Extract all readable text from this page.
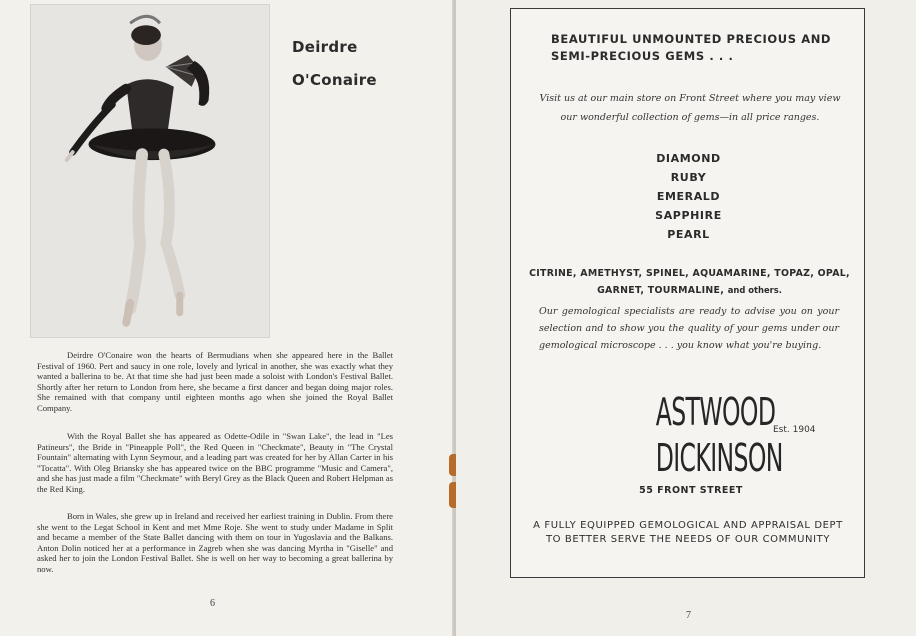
Deirdre
O'Conaire

Deirdre O'Conaire won the hearts of Bermudians when she appeared here in the Ballet Festival of 1960. Pert and saucy in one role, lovely and lyrical in another, she was exactly what they wanted a ballerina to be. At that time she had just been made a soloist with London's Festival Ballet. Shortly after her return to London from here, she became a first dancer and began doing major roles. She remained with that company until eighteen months ago when she joined the Royal Ballet Company.

With the Royal Ballet she has appeared as Odette-Odile in "Swan Lake", the lead in "Les Patineurs", the Bride in "Pineapple Poll", the Red Queen in "Checkmate", Beauty in "The Crystal Fountain" alternating with Lynn Seymour, and a leading part was created for her by Allan Carter in his "Tocatta". With Oleg Briansky she has appeared twice on the BBC programme "Music and Camera", and she has just made a film "Checkmate" with Beryl Grey as the Black Queen and Robert Helpman as the Red King.

Born in Wales, she grew up in Ireland and received her earliest training in Dublin. From there she went to the Legat School in Kent and met Mme Roje. She went to study under Madame in Split and became a member of the State Ballet dancing with them on tour in Yugoslavia and the Balkans. Anton Dolin noticed her at a performance in Zagreb when she was dancing Myrtha in "Giselle" and asked her to join the London Festival Ballet. She is well on her way to becoming a great ballerina by now.

6
7
BEAUTIFUL UNMOUNTED PRECIOUS AND SEMI-PRECIOUS GEMS . . .
Visit us at our main store on Front Street where you may view our wonderful collection of gems—in all price ranges.
DIAMOND
RUBY
EMERALD
SAPPHIRE
PEARL
CITRINE, AMETHYST, SPINEL, AQUAMARINE, TOPAZ, OPAL, GARNET, TOURMALINE, and others.
Our gemological specialists are ready to advise you on your selection and to show you the quality of your gems under our gemological microscope . . . you know what you're buying.
ASTWOOD
DICKINSON
Est. 1904
55 FRONT STREET
A FULLY EQUIPPED GEMOLOGICAL AND APPRAISAL DEPT TO BETTER SERVE THE NEEDS OF OUR COMMUNITY
